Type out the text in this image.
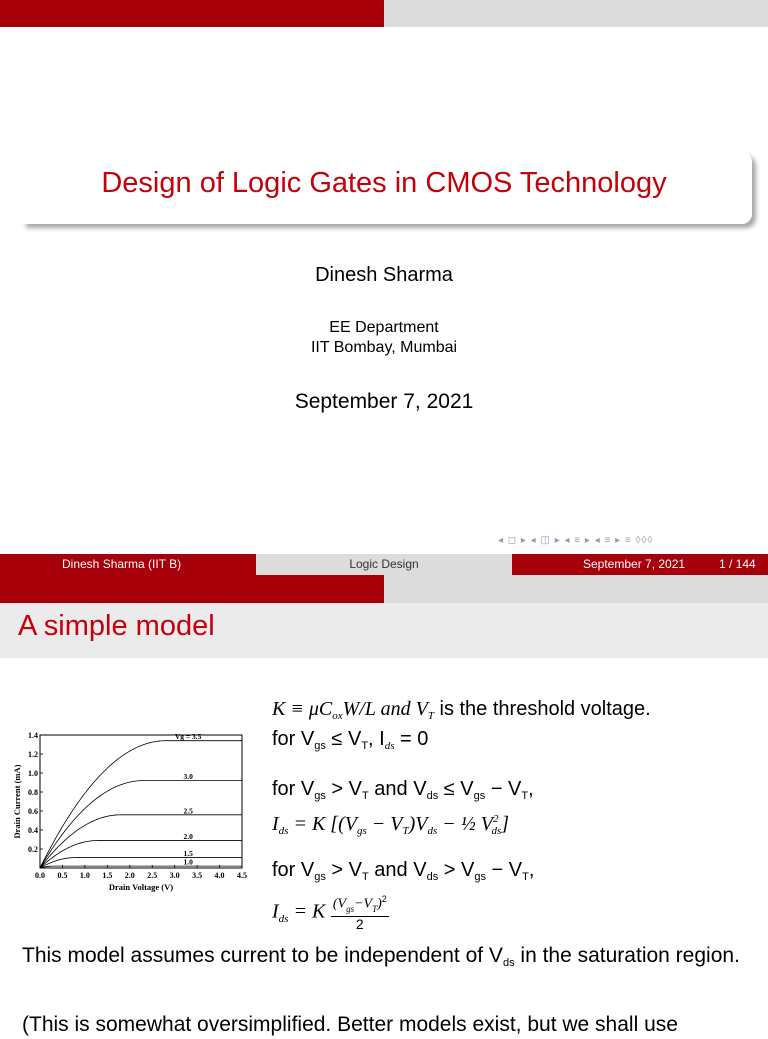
Design of Logic Gates in CMOS Technology
Dinesh Sharma
EE Department
IIT Bombay, Mumbai
September 7, 2021
◂ ◻ ▸ ◂ ◫ ▸ ◂ ≡ ▸ ◂ ≡ ▸ ≡ ◊◊◊
Dinesh Sharma (IIT B)	Logic Design	September 7, 2021	1 / 144
A simple model
0.0 0.5 1.0 1.5 2.0 2.5 3.0 3.5 4.0 4.5
0.2
0.4
0.6
0.8
1.0
1.2
1.4
Drain Voltage (V)
Drain Current (mA)
Vg = 3.5
3.0
2.5
2.0
1.5
1.0
$K \equiv \mu C_{ox}W/L$ and $V_T$ is the threshold voltage.
for $V_{gs} \le V_T$, $I_{ds} = 0$
for $V_{gs} > V_T$ and $V_{ds} \le V_{gs} - V_T$,
$I_{ds} = K$ [$(V_{gs} - V_T)V_{ds}$ − ½ $V^2_{ds}$]
for $V_{gs} > V_T$ and $V_{ds} > V_{gs} - V_T$,
$I_{ds} = K$ $(V_{gs}-V_T)^2$
2
This model assumes current to be independent of $V_{ds}$ in the saturation region.
(This is somewhat oversimplified. Better models exist, but we shall use
